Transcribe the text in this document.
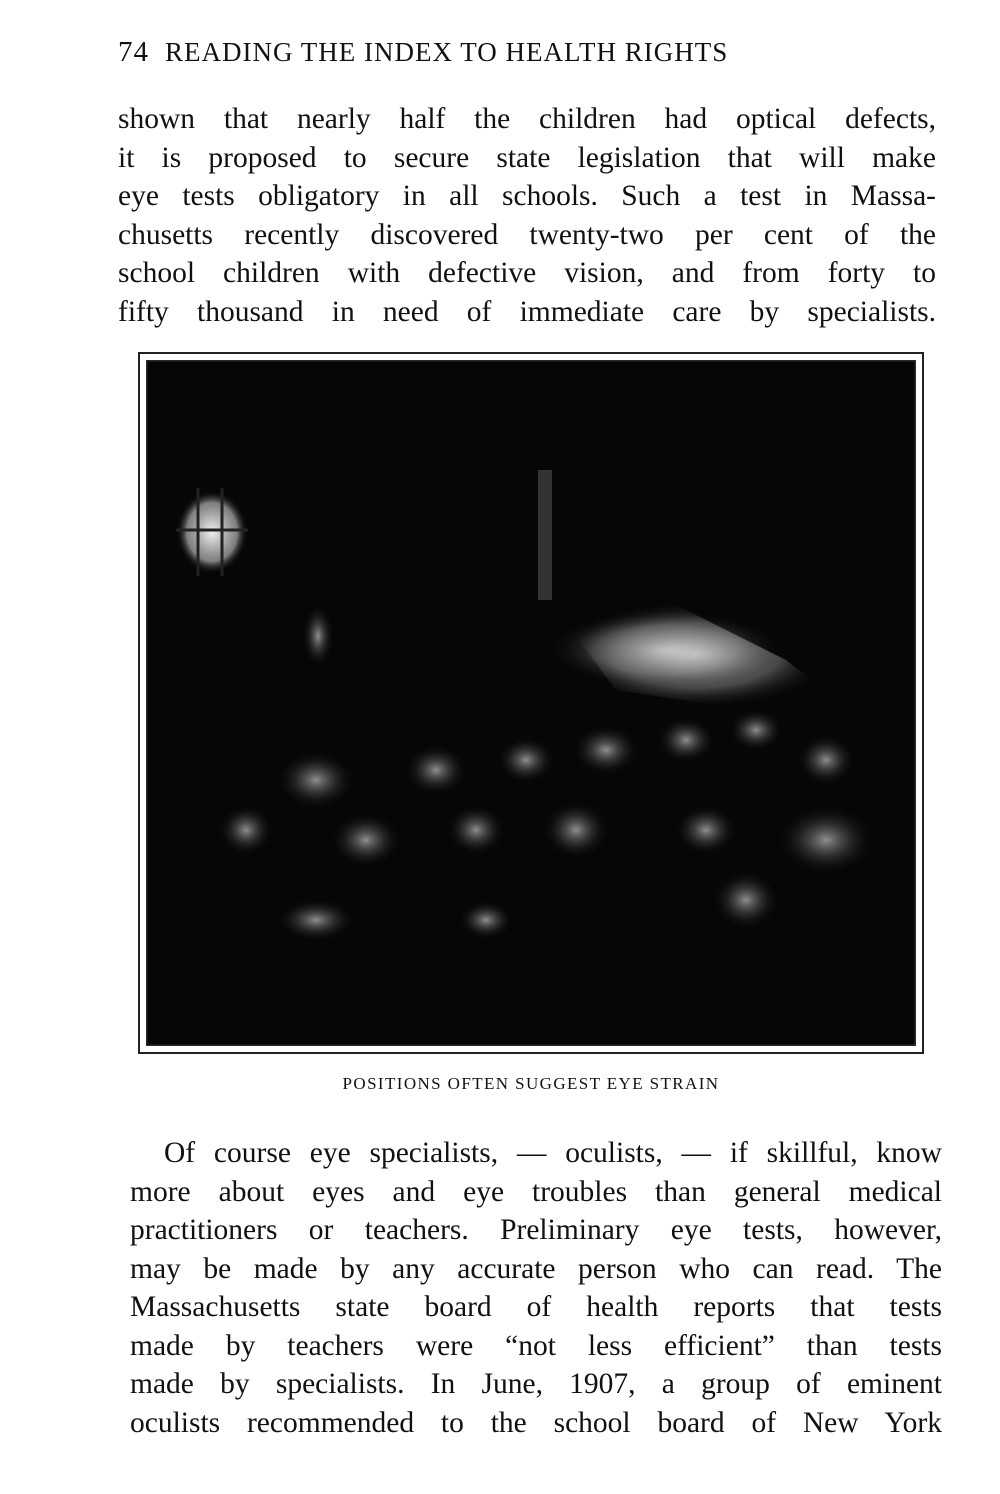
74 READING THE INDEX TO HEALTH RIGHTS
shown that nearly half the children had optical defects,
it is proposed to secure state legislation that will make
eye tests obligatory in all schools. Such a test in Massa-
chusetts recently discovered twenty-two per cent of the
school children with defective vision, and from forty to
fifty thousand in need of immediate care by specialists.
POSITIONS OFTEN SUGGEST EYE STRAIN
Of course eye specialists, — oculists, — if skillful, know
more about eyes and eye troubles than general medical
practitioners or teachers. Preliminary eye tests, however,
may be made by any accurate person who can read. The
Massachusetts state board of health reports that tests
made by teachers were “not less efficient” than tests
made by specialists. In June, 1907, a group of eminent
oculists recommended to the school board of New York
